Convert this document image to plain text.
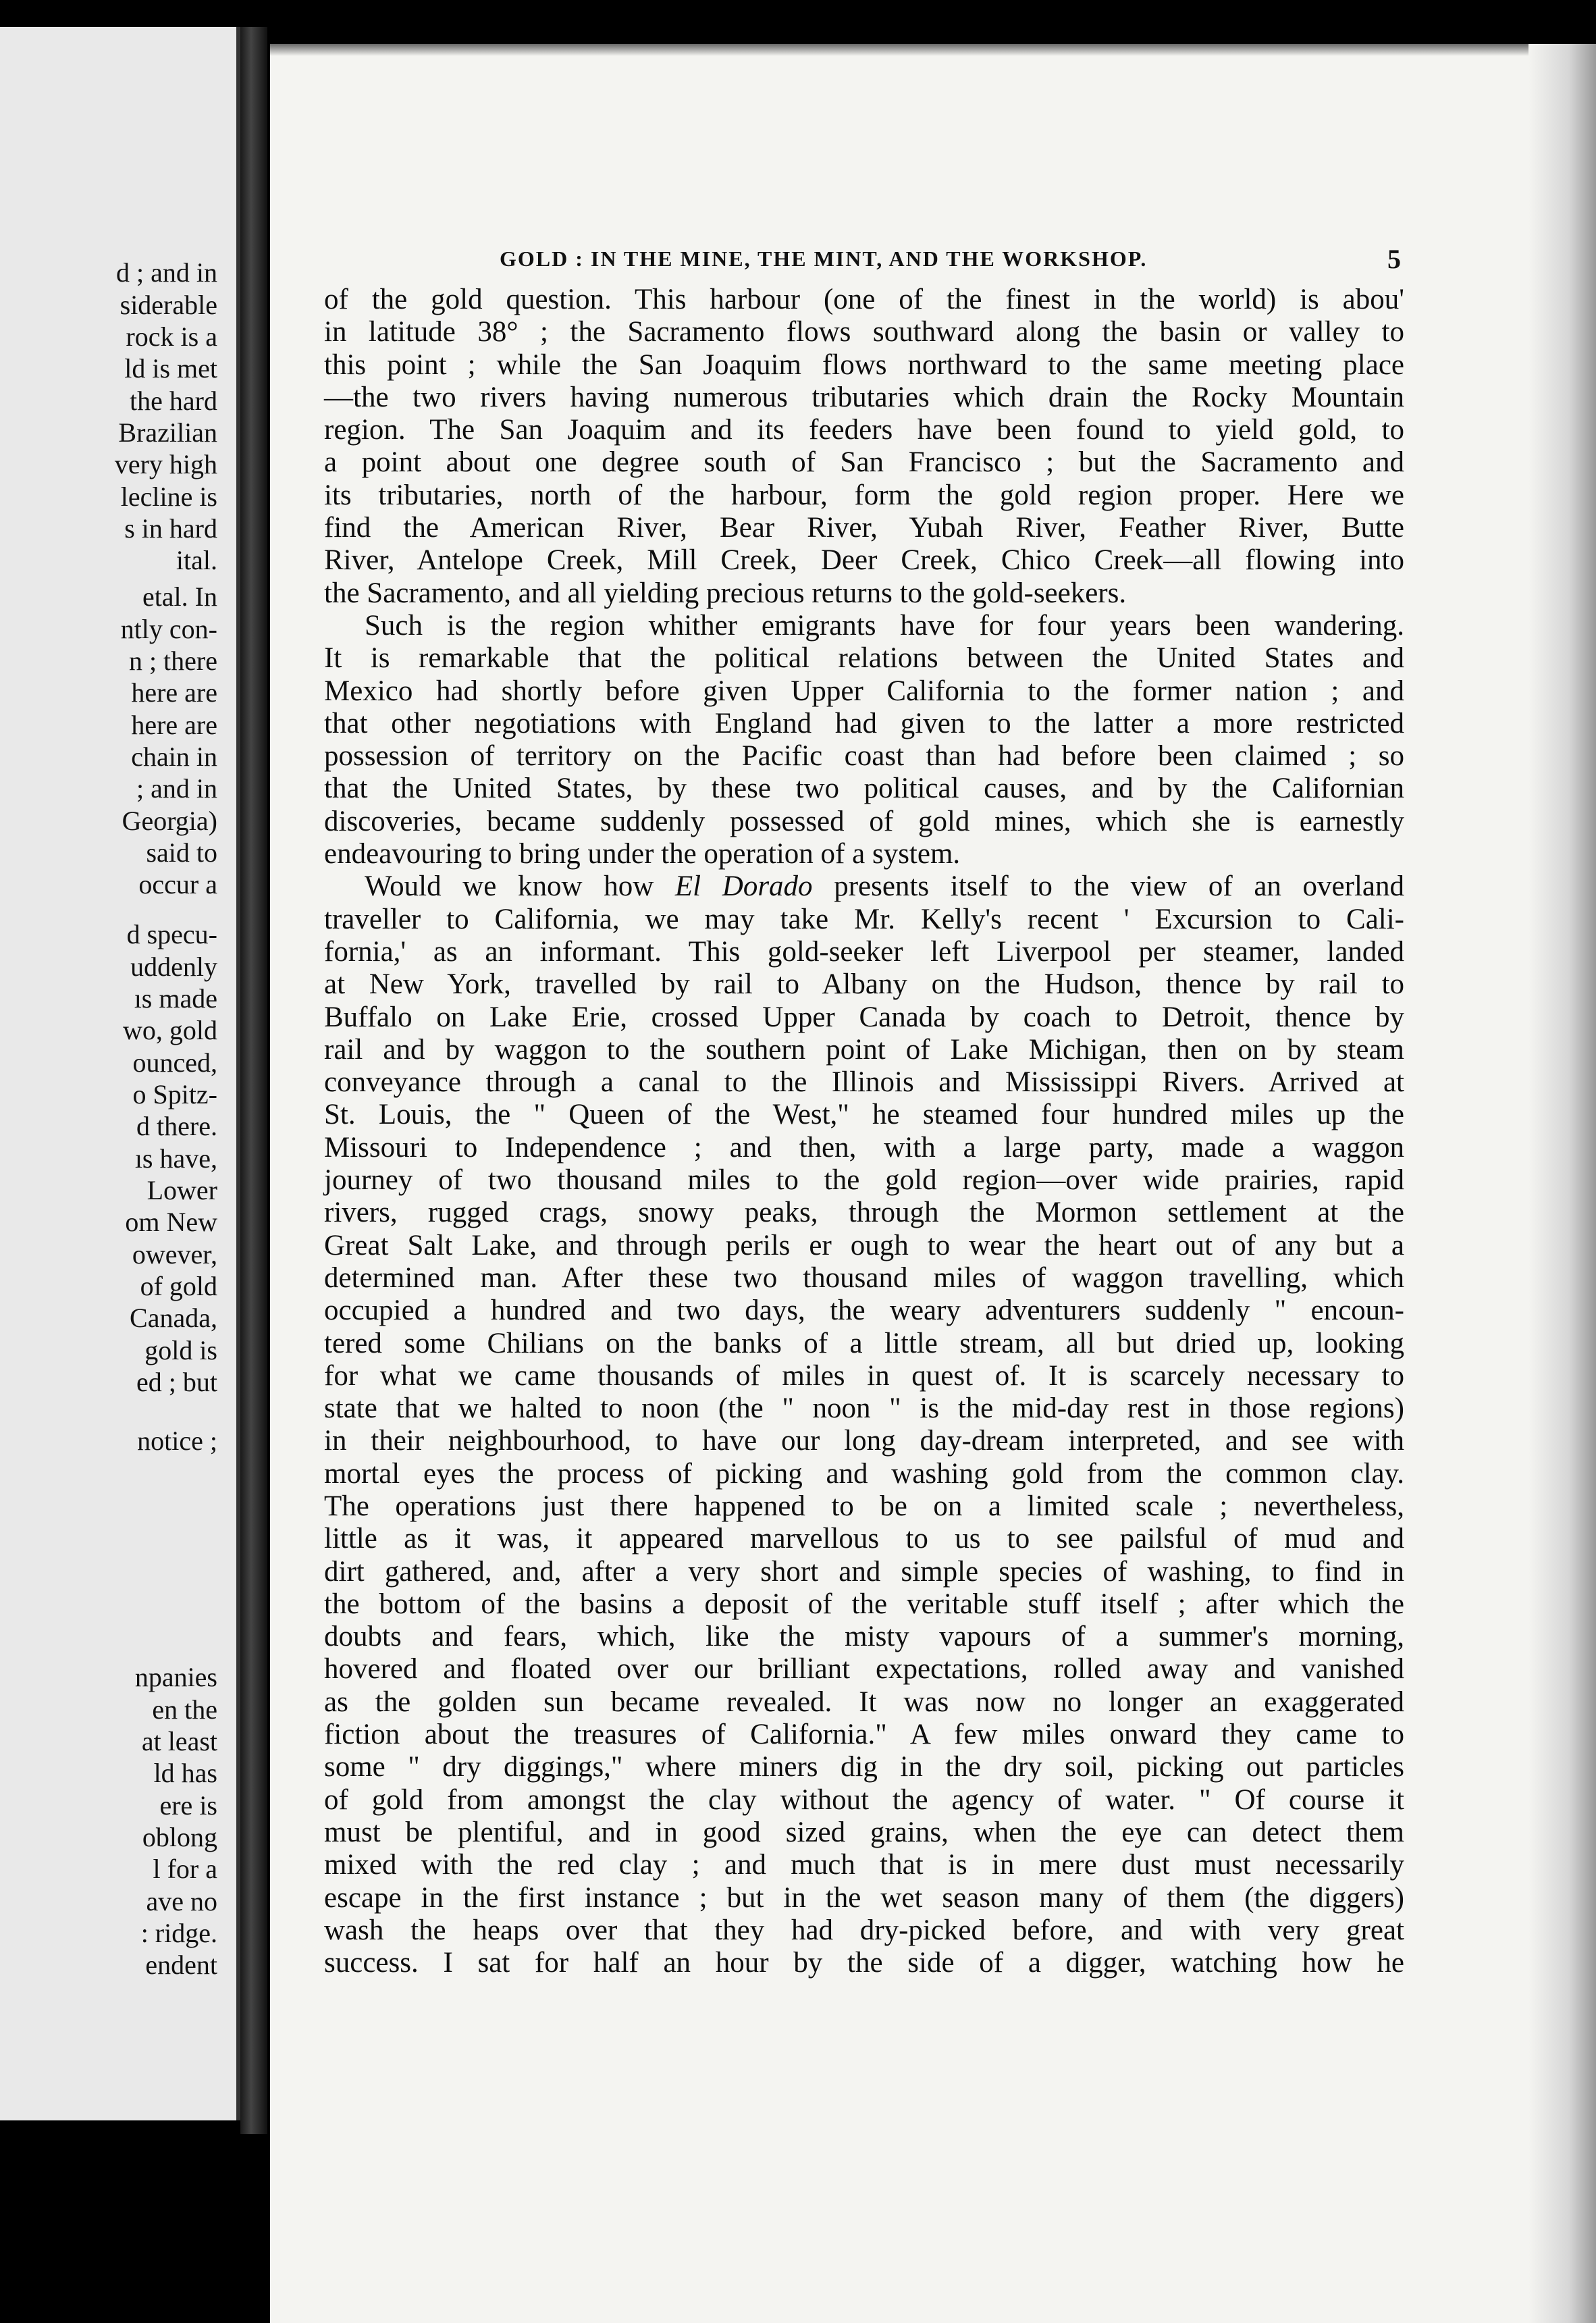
d ; and in
siderable
rock is a
ld is met
the hard
Brazilian
very high
lecline is
s in hard
ital.
etal. In
ntly con-
n ; there
here are
here are
chain in
; and in
Georgia)
said to
occur a
d specu-
uddenly
ıs made
wo, gold
ounced,
o Spitz-
d there.
ıs have,
Lower
om New
owever,
of gold
Canada,
gold is
ed ; but
notice ;
npanies
en the
at least
ld has
ere is
oblong
l for a
ave no
: ridge.
endent
GOLD : IN THE MINE, THE MINT, AND THE WORKSHOP.	5
of the gold question. This harbour (one of the finest in the world) is abou'
in latitude 38° ; the Sacramento flows southward along the basin or valley to
this point ; while the San Joaquim flows northward to the same meeting place
—the two rivers having numerous tributaries which drain the Rocky Mountain
region. The San Joaquim and its feeders have been found to yield gold, to
a point about one degree south of San Francisco ; but the Sacramento and
its tributaries, north of the harbour, form the gold region proper. Here we
find the American River, Bear River, Yubah River, Feather River, Butte
River, Antelope Creek, Mill Creek, Deer Creek, Chico Creek—all flowing into
the Sacramento, and all yielding precious returns to the gold-seekers.
Such is the region whither emigrants have for four years been wandering.
It is remarkable that the political relations between the United States and
Mexico had shortly before given Upper California to the former nation ; and
that other negotiations with England had given to the latter a more restricted
possession of territory on the Pacific coast than had before been claimed ; so
that the United States, by these two political causes, and by the Californian
discoveries, became suddenly possessed of gold mines, which she is earnestly
endeavouring to bring under the operation of a system.
Would we know how El Dorado presents itself to the view of an overland
traveller to California, we may take Mr. Kelly's recent ' Excursion to Cali-
fornia,' as an informant. This gold-seeker left Liverpool per steamer, landed
at New York, travelled by rail to Albany on the Hudson, thence by rail to
Buffalo on Lake Erie, crossed Upper Canada by coach to Detroit, thence by
rail and by waggon to the southern point of Lake Michigan, then on by steam
conveyance through a canal to the Illinois and Mississippi Rivers. Arrived at
St. Louis, the " Queen of the West," he steamed four hundred miles up the
Missouri to Independence ; and then, with a large party, made a waggon
journey of two thousand miles to the gold region—over wide prairies, rapid
rivers, rugged crags, snowy peaks, through the Mormon settlement at the
Great Salt Lake, and through perils er ough to wear the heart out of any but a
determined man. After these two thousand miles of waggon travelling, which
occupied a hundred and two days, the weary adventurers suddenly " encoun-
tered some Chilians on the banks of a little stream, all but dried up, looking
for what we came thousands of miles in quest of. It is scarcely necessary to
state that we halted to noon (the " noon " is the mid-day rest in those regions)
in their neighbourhood, to have our long day-dream interpreted, and see with
mortal eyes the process of picking and washing gold from the common clay.
The operations just there happened to be on a limited scale ; nevertheless,
little as it was, it appeared marvellous to us to see pailsful of mud and
dirt gathered, and, after a very short and simple species of washing, to find in
the bottom of the basins a deposit of the veritable stuff itself ; after which the
doubts and fears, which, like the misty vapours of a summer's morning,
hovered and floated over our brilliant expectations, rolled away and vanished
as the golden sun became revealed. It was now no longer an exaggerated
fiction about the treasures of California." A few miles onward they came to
some " dry diggings," where miners dig in the dry soil, picking out particles
of gold from amongst the clay without the agency of water. " Of course it
must be plentiful, and in good sized grains, when the eye can detect them
mixed with the red clay ; and much that is in mere dust must necessarily
escape in the first instance ; but in the wet season many of them (the diggers)
wash the heaps over that they had dry-picked before, and with very great
success. I sat for half an hour by the side of a digger, watching how he
